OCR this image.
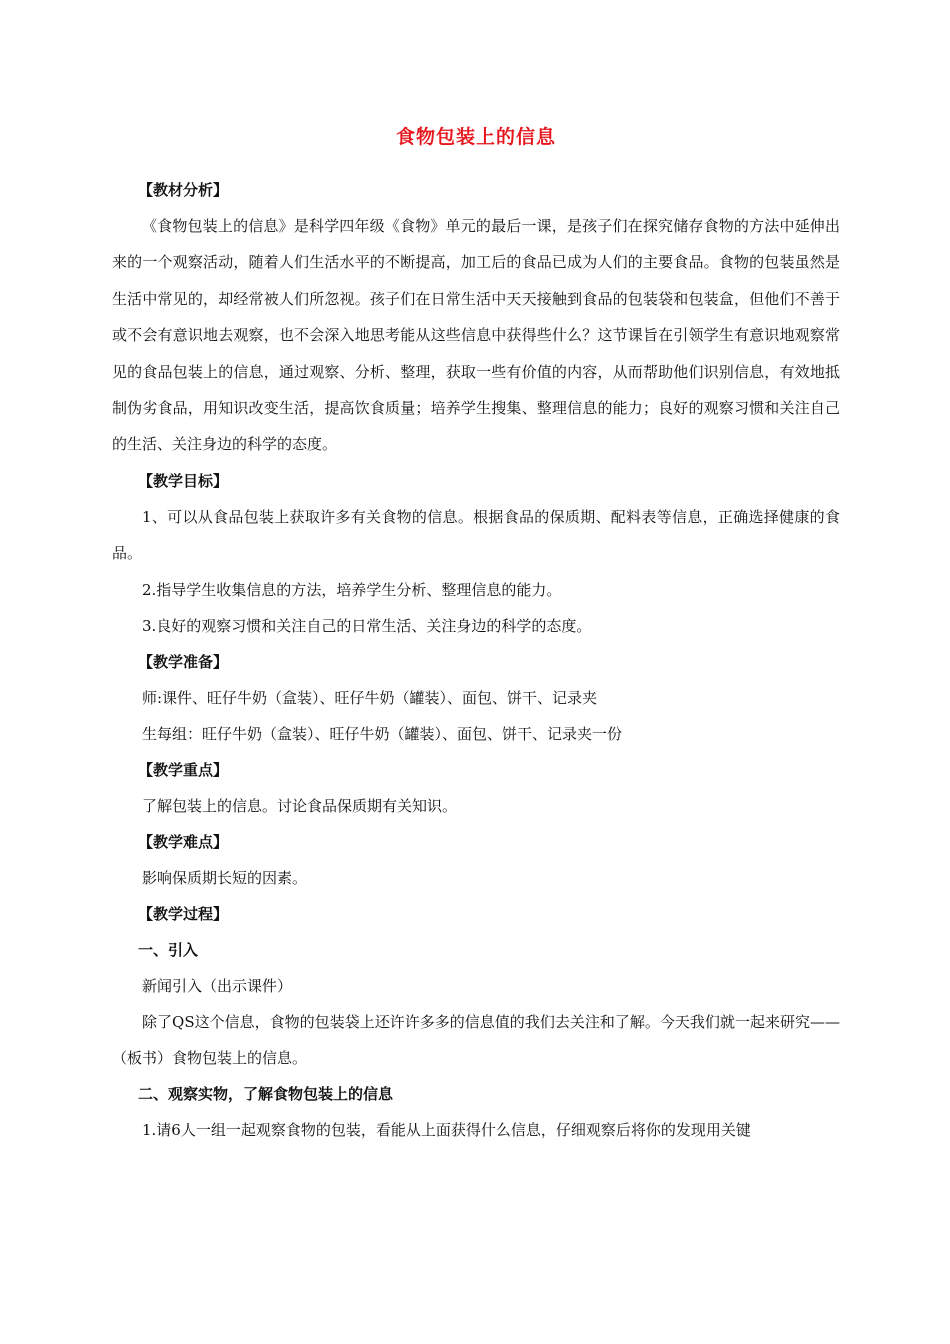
食物包装上的信息
【教材分析】

《食物包装上的信息》是科学四年级《食物》单元的最后一课，是孩子们在探究储存食物的方法中延伸出来的一个观察活动，随着人们生活水平的不断提高，加工后的食品已成为人们的主要食品。食物的包装虽然是生活中常见的，却经常被人们所忽视。孩子们在日常生活中天天接触到食品的包装袋和包装盒，但他们不善于或不会有意识地去观察，也不会深入地思考能从这些信息中获得些什么？这节课旨在引领学生有意识地观察常见的食品包装上的信息，通过观察、分析、整理，获取一些有价值的内容，从而帮助他们识别信息，有效地抵制伪劣食品，用知识改变生活，提高饮食质量；培养学生搜集、整理信息的能力；良好的观察习惯和关注自己的生活、关注身边的科学的态度。

【教学目标】

1、可以从食品包装上获取许多有关食物的信息。根据食品的保质期、配料表等信息，正确选择健康的食品。

2.指导学生收集信息的方法，培养学生分析、整理信息的能力。
3.良好的观察习惯和关注自己的日常生活、关注身边的科学的态度。
【教学准备】
师:课件、旺仔牛奶（盒装）、旺仔牛奶（罐装）、面包、饼干、记录夹
生每组：旺仔牛奶（盒装）、旺仔牛奶（罐装）、面包、饼干、记录夹一份
【教学重点】
了解包装上的信息。讨论食品保质期有关知识。
【教学难点】
影响保质期长短的因素。
【教学过程】
一、引入
新闻引入（出示课件）

除了QS这个信息，食物的包装袋上还许许多多的信息值的我们去关注和了解。今天我们就一起来研究——（板书）食物包装上的信息。

二、观察实物，了解食物包装上的信息
1.请6人一组一起观察食物的包装，看能从上面获得什么信息，仔细观察后将你的发现用关键
